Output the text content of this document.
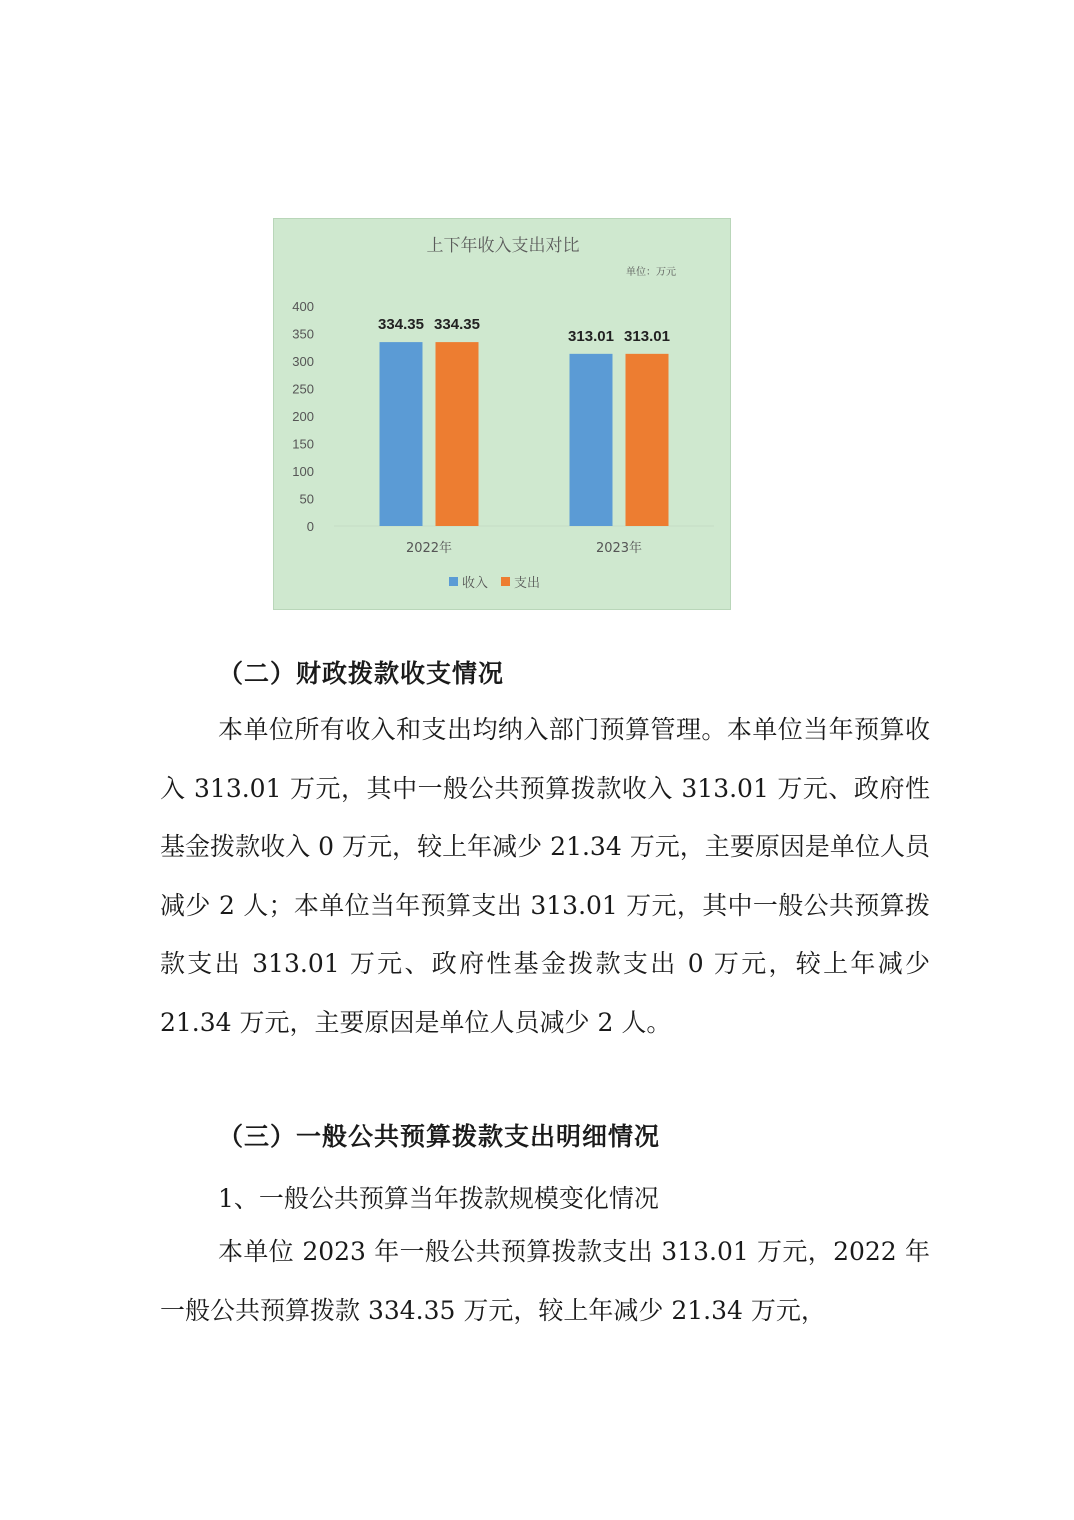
上下年收入支出对比
单位：万元
0
50
100
150
200
250
300
350
400
334.35 334.35
313.01 313.01
2022年	2023年
收入 支出

（二）财政拨款收支情况

本单位所有收入和支出均纳入部门预算管理。本单位当年预算收入 313.01 万元，其中一般公共预算拨款收入 313.01 万元、政府性基金拨款收入 0 万元，较上年减少 21.34 万元，主要原因是单位人员减少 2 人；本单位当年预算支出 313.01 万元，其中一般公共预算拨款支出 313.01 万元、政府性基金拨款支出 0 万元，较上年减少 21.34 万元，主要原因是单位人员减少 2 人。

（三）一般公共预算拨款支出明细情况

1、一般公共预算当年拨款规模变化情况

本单位 2023 年一般公共预算拨款支出 313.01 万元，2022 年一般公共预算拨款 334.35 万元，较上年减少 21.34 万元，
